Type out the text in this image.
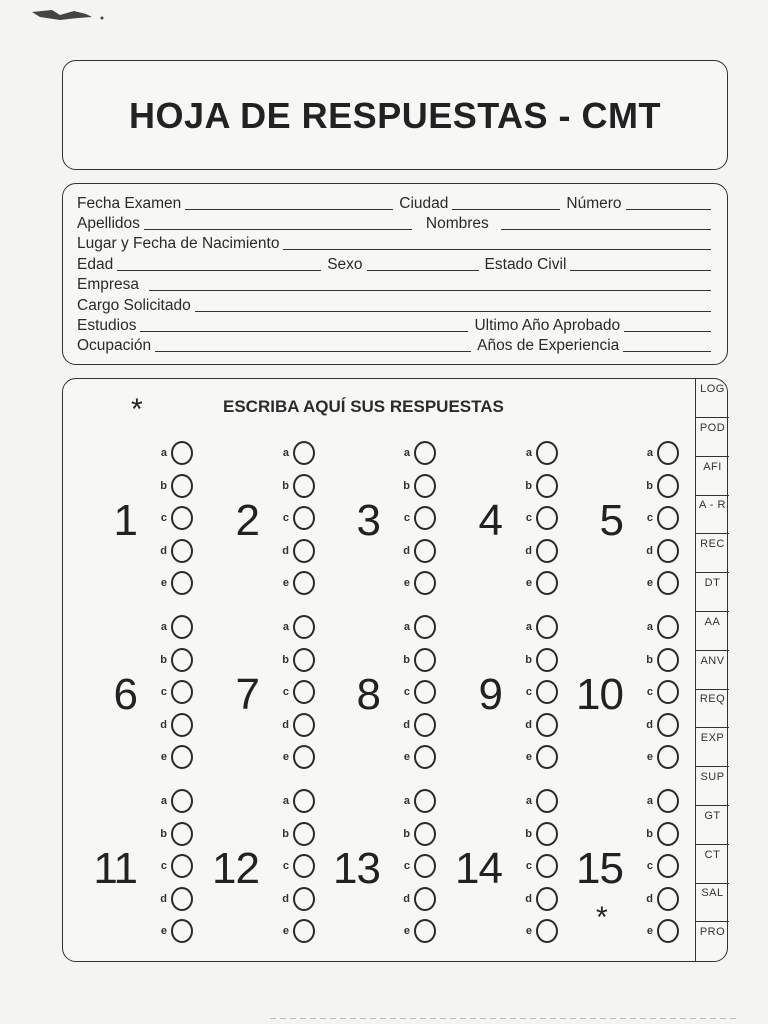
HOJA DE RESPUESTAS - CMT
Fecha Examen	Ciudad	Número
Apellidos	Nombres
Lugar y Fecha de Nacimiento
Edad	Sexo	Estado Civil
Empresa
Cargo Solicitado
Estudios	Ultimo Año Aprobado
Ocupación	Años de Experiencia
*	ESCRIBA AQUÍ SUS RESPUESTAS
1
a
b
c
d
e
2
a
b
c
d
e
3
a
b
c
d
e
4
a
b
c
d
e
5
a
b
c
d
e
6
a
b
c
d
e
7
a
b
c
d
e
8
a
b
c
d
e
9
a
b
c
d
e
10
a
b
c
d
e
11
a
b
c
d
e
12
a
b
c
d
e
13
a
b
c
d
e
14
a
b
c
d
e
15
a
b
c
d
e
*
LOG
POD
AFI
A - R
REC
DT
AA
ANV
REQ
EXP
SUP
GT
CT
SAL
PRO
